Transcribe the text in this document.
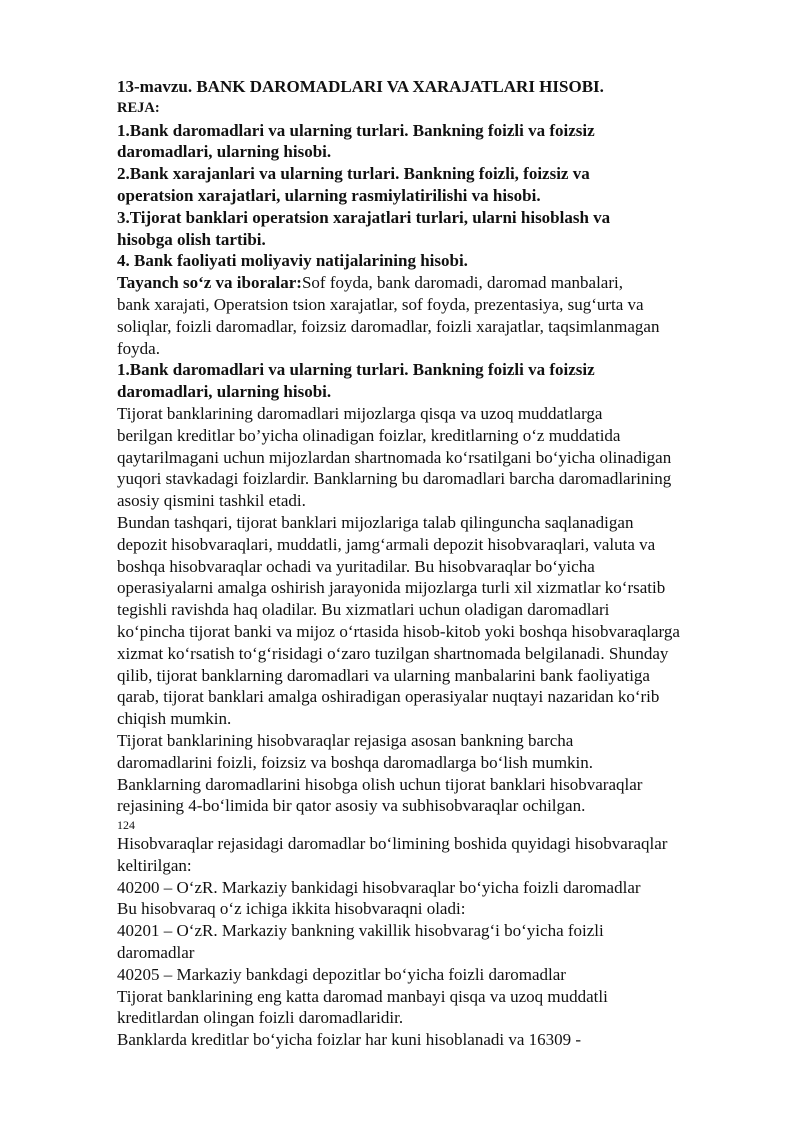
13-mavzu. BANK DAROMADLARI VA XARAJATLARI HISOBI.
REJA:
1.Bank daromadlari va ularning turlari. Bankning foizli va foizsiz
daromadlari, ularning hisobi.
2.Bank xarajanlari va ularning turlari. Bankning foizli, foizsiz va
operatsion xarajatlari, ularning rasmiylatirilishi va hisobi.
3.Tijorat banklari operatsion xarajatlari turlari, ularni hisoblash va
hisobga olish tartibi.
4. Bank faoliyati moliyaviy natijalarining hisobi.
Tayanch so‘z va iboralar:Sof foyda, bank daromadi, daromad manbalari,
bank xarajati, Operatsion tsion xarajatlar, sof foyda, prezentasiya, sug‘urta va
soliqlar, foizli daromadlar, foizsiz daromadlar, foizli xarajatlar, taqsimlanmagan
foyda.
1.Bank daromadlari va ularning turlari. Bankning foizli va foizsiz
daromadlari, ularning hisobi.
Tijorat banklarining daromadlari mijozlarga qisqa va uzoq muddatlarga
berilgan kreditlar bo’yicha olinadigan foizlar, kreditlarning o‘z muddatida
qaytarilmagani uchun mijozlardan shartnomada ko‘rsatilgani bo‘yicha olinadigan
yuqori stavkadagi foizlardir. Banklarning bu daromadlari barcha daromadlarining
asosiy qismini tashkil etadi.
Bundan tashqari, tijorat banklari mijozlariga talab qilinguncha saqlanadigan
depozit hisobvaraqlari, muddatli, jamg‘armali depozit hisobvaraqlari, valuta va
boshqa hisobvaraqlar ochadi va yuritadilar. Bu hisobvaraqlar bo‘yicha
operasiyalarni amalga oshirish jarayonida mijozlarga turli xil xizmatlar ko‘rsatib
tegishli ravishda haq oladilar. Bu xizmatlari uchun oladigan daromadlari
ko‘pincha tijorat banki va mijoz o‘rtasida hisob-kitob yoki boshqa hisobvaraqlarga
xizmat ko‘rsatish to‘g‘risidagi o‘zaro tuzilgan shartnomada belgilanadi. Shunday
qilib, tijorat banklarning daromadlari va ularning manbalarini bank faoliyatiga
qarab, tijorat banklari amalga oshiradigan operasiyalar nuqtayi nazaridan ko‘rib
chiqish mumkin.
Tijorat banklarining hisobvaraqlar rejasiga asosan bankning barcha
daromadlarini foizli, foizsiz va boshqa daromadlarga bo‘lish mumkin.
Banklarning daromadlarini hisobga olish uchun tijorat banklari hisobvaraqlar
rejasining 4-bo‘limida bir qator asosiy va subhisobvaraqlar ochilgan.
124
Hisobvaraqlar rejasidagi daromadlar bo‘limining boshida quyidagi hisobvaraqlar
keltirilgan:
40200 – O‘zR. Markaziy bankidagi hisobvaraqlar bo‘yicha foizli daromadlar
Bu hisobvaraq o‘z ichiga ikkita hisobvaraqni oladi:
40201 – O‘zR. Markaziy bankning vakillik hisobvarag‘i bo‘yicha foizli
daromadlar
40205 – Markaziy bankdagi depozitlar bo‘yicha foizli daromadlar
Tijorat banklarining eng katta daromad manbayi qisqa va uzoq muddatli
kreditlardan olingan foizli daromadlaridir.
Banklarda kreditlar bo‘yicha foizlar har kuni hisoblanadi va 16309 -
